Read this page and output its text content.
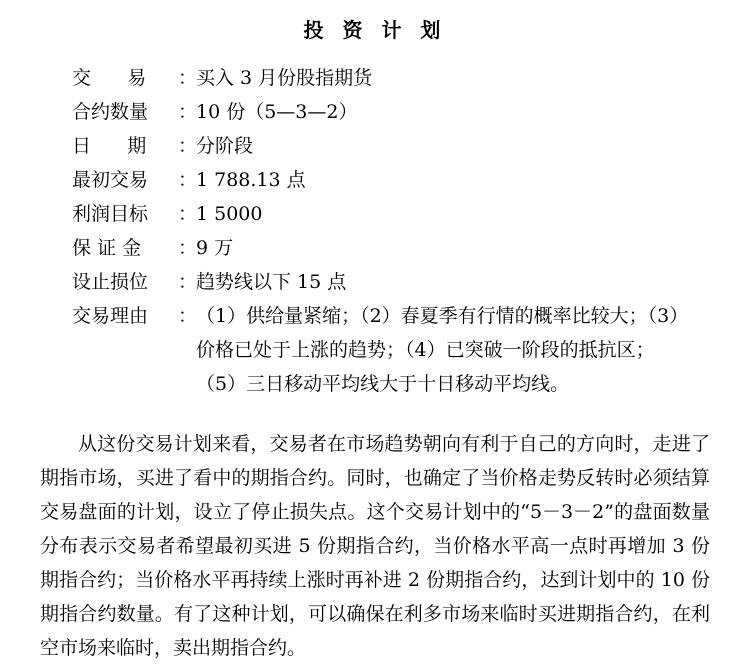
投 资 计 划
交      易	：
买入 3 月份股指期货
合约数量	：
10 份（5—3—2）
日      期	：
分阶段
最初交易	：
1 788.13 点
利润目标	：
1 5000
保 证 金	：
9 万
设止损位	：
趋势线以下 15 点
交易理由	：
（1）供给量紧缩；（2）春夏季有行情的概率比较大；（3）
价格已处于上涨的趋势；（4）已突破一阶段的抵抗区；
（5）三日移动平均线大于十日移动平均线。

从这份交易计划来看，交易者在市场趋势朝向有利于自己的方向时，走进了期指市场，买进了看中的期指合约。同时，也确定了当价格走势反转时必须结算交易盘面的计划，设立了停止损失点。这个交易计划中的“5－3－2”的盘面数量分布表示交易者希望最初买进 5 份期指合约，当价格水平高一点时再增加 3 份期指合约；当价格水平再持续上涨时再补进 2 份期指合约，达到计划中的 10 份期指合约数量。有了这种计划，可以确保在利多市场来临时买进期指合约，在利空市场来临时，卖出期指合约。
